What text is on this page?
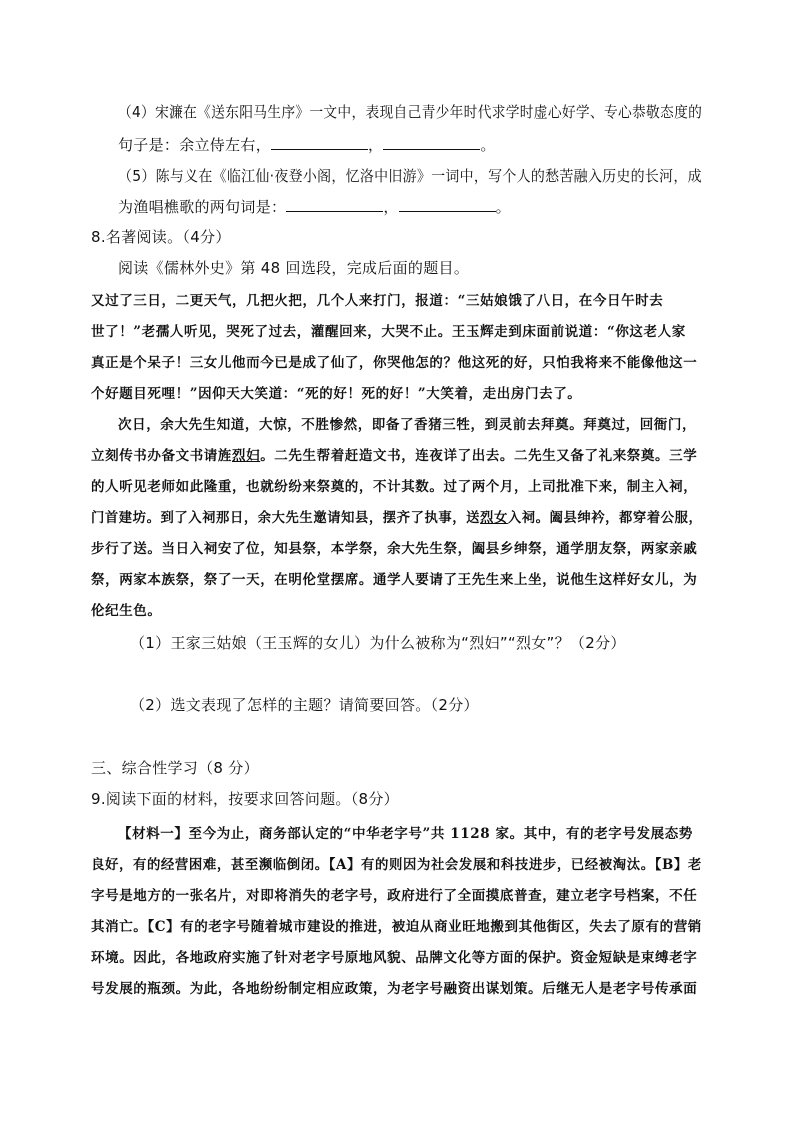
（4）宋濂在《送东阳马生序》一文中，表现自己青少年时代求学时虚心好学、专心恭敬态度的
句子是：余立侍左右，	，	。
（5）陈与义在《临江仙·夜登小阁，忆洛中旧游》一词中，写个人的愁苦融入历史的长河，成
为渔唱樵歌的两句词是：	，	。
8.名著阅读。（4分）
阅读《儒林外史》第 48 回选段，完成后面的题目。
又过了三日，二更天气，几把火把，几个人来打门，报道：“三姑娘饿了八日，在今日午时去
世了！”老孺人听见，哭死了过去，灌醒回来，大哭不止。王玉辉走到床面前说道：“你这老人家
真正是个呆子！三女儿他而今已是成了仙了，你哭他怎的？他这死的好，只怕我将来不能像他这一
个好题目死哩！”因仰天大笑道：“死的好！死的好！”大笑着，走出房门去了。
次日，余大先生知道，大惊，不胜惨然，即备了香猪三牲，到灵前去拜奠。拜奠过，回衙门，
立刻传书办备文书请旌烈妇。二先生帮着赶造文书，连夜详了出去。二先生又备了礼来祭奠。三学
的人听见老师如此隆重，也就纷纷来祭奠的，不计其数。过了两个月，上司批准下来，制主入祠，
门首建坊。到了入祠那日，余大先生邀请知县，摆齐了执事，送烈女入祠。阖县绅衿，都穿着公服，
步行了送。当日入祠安了位，知县祭，本学祭，余大先生祭，阖县乡绅祭，通学朋友祭，两家亲戚
祭，两家本族祭，祭了一天，在明伦堂摆席。通学人要请了王先生来上坐，说他生这样好女儿，为
伦纪生色。
（1）王家三姑娘（王玉辉的女儿）为什么被称为“烈妇”“烈女”？（2分）
（2）选文表现了怎样的主题？请简要回答。（2分）
三、综合性学习（8 分）
9.阅读下面的材料，按要求回答问题。（8分）
【材料一】至今为止，商务部认定的“中华老字号”共 1128 家。其中，有的老字号发展态势
良好，有的经营困难，甚至濒临倒闭。【A】有的则因为社会发展和科技进步，已经被淘汰。【B】老
字号是地方的一张名片，对即将消失的老字号，政府进行了全面摸底普查，建立老字号档案，不任
其消亡。【C】有的老字号随着城市建设的推进，被迫从商业旺地搬到其他街区，失去了原有的营销
环境。因此，各地政府实施了针对老字号原地风貌、品牌文化等方面的保护。资金短缺是束缚老字
号发展的瓶颈。为此，各地纷纷制定相应政策，为老字号融资出谋划策。后继无人是老字号传承面
